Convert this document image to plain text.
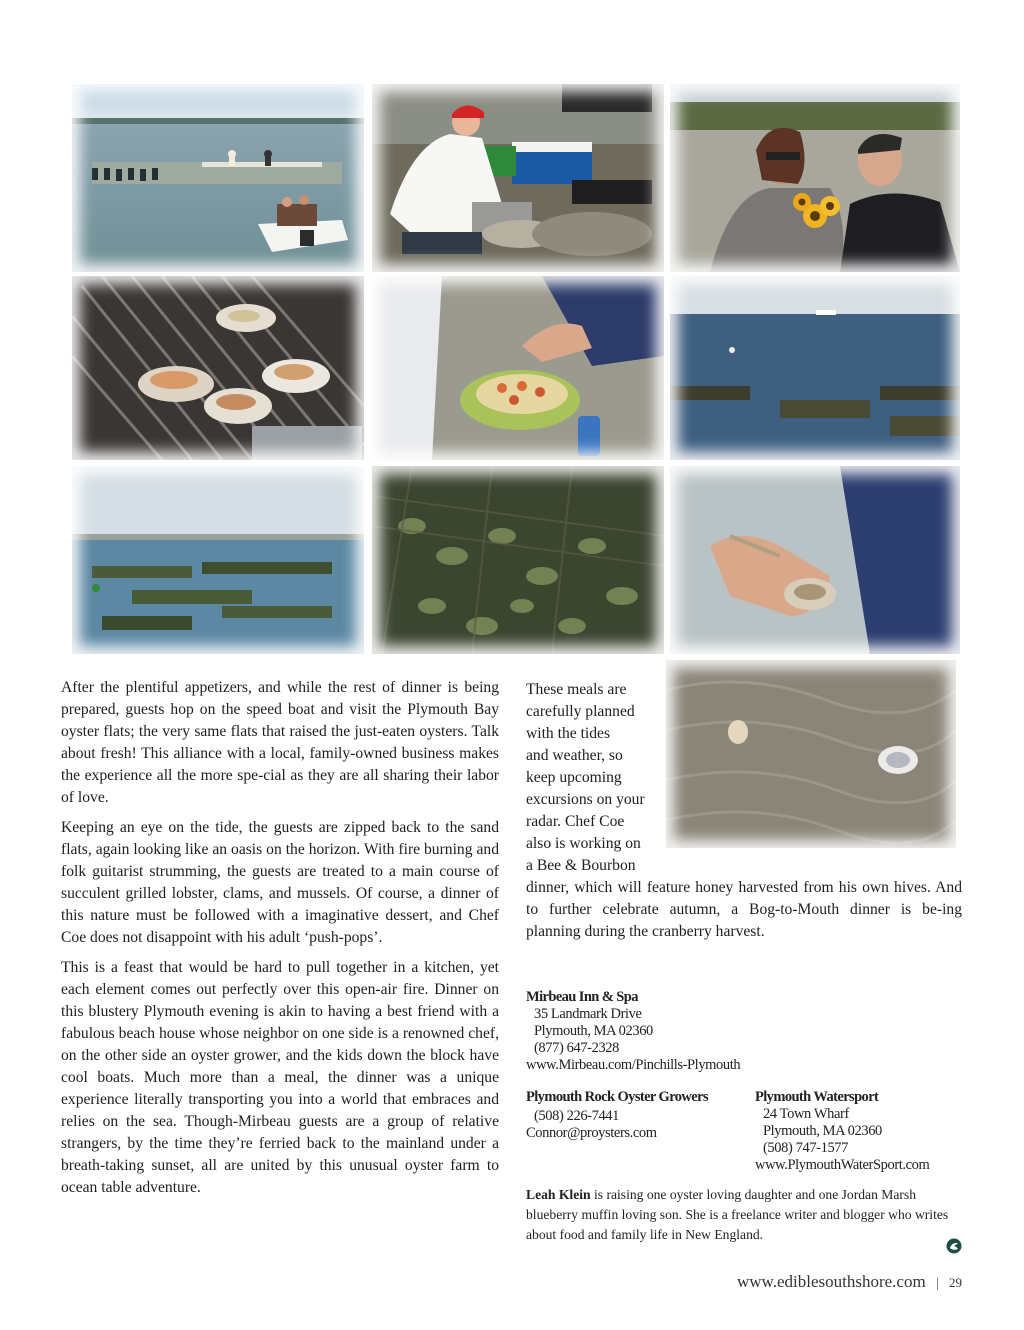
After the plentiful appetizers, and while the rest of dinner is being prepared, guests hop on the speed boat and visit the Plymouth Bay oyster flats; the very same flats that raised the just-eaten oysters. Talk about fresh! This alliance with a local, family-owned business makes the experience all the more spe-cial as they are all sharing their labor of love.

Keeping an eye on the tide, the guests are zipped back to the sand flats, again looking like an oasis on the horizon. With fire burning and folk guitarist strumming, the guests are treated to a main course of succulent grilled lobster, clams, and mussels. Of course, a dinner of this nature must be followed with a imaginative dessert, and Chef Coe does not disappoint with his adult ‘push-pops’.

This is a feast that would be hard to pull together in a kitchen, yet each element comes out perfectly over this open-air fire. Dinner on this blustery Plymouth evening is akin to having a best friend with a fabulous beach house whose neighbor on one side is a renowned chef, on the other side an oyster grower, and the kids down the block have cool boats. Much more than a meal, the dinner was a unique experience literally transporting you into a world that embraces and relies on the sea. Though-Mirbeau guests are a group of relative strangers, by the time they’re ferried back to the mainland under a breath-taking sunset, all are united by this unusual oyster farm to ocean table adventure.

These meals are
carefully planned
with the tides
and weather, so
keep upcoming
excursions on your
radar. Chef Coe
also is working on
a Bee & Bourbon

dinner, which will feature honey harvested from his own hives. And to further celebrate autumn, a Bog-to-Mouth dinner is be-ing planning during the cranberry harvest.

Mirbeau Inn & Spa
35 Landmark Drive
Plymouth, MA 02360
(877) 647-2328
www.Mirbeau.com/Pinchills-Plymouth
Plymouth Rock Oyster Growers
(508) 226-7441
Connor@proysters.com
Plymouth Watersport
24 Town Wharf
Plymouth, MA 02360
(508) 747-1577
www.PlymouthWaterSport.com
Leah Klein is raising one oyster loving daughter and one Jordan Marsh blueberry muffin loving son. She is a freelance writer and blogger who writes about food and family life in New England.
www.ediblesouthshore.com | 29
